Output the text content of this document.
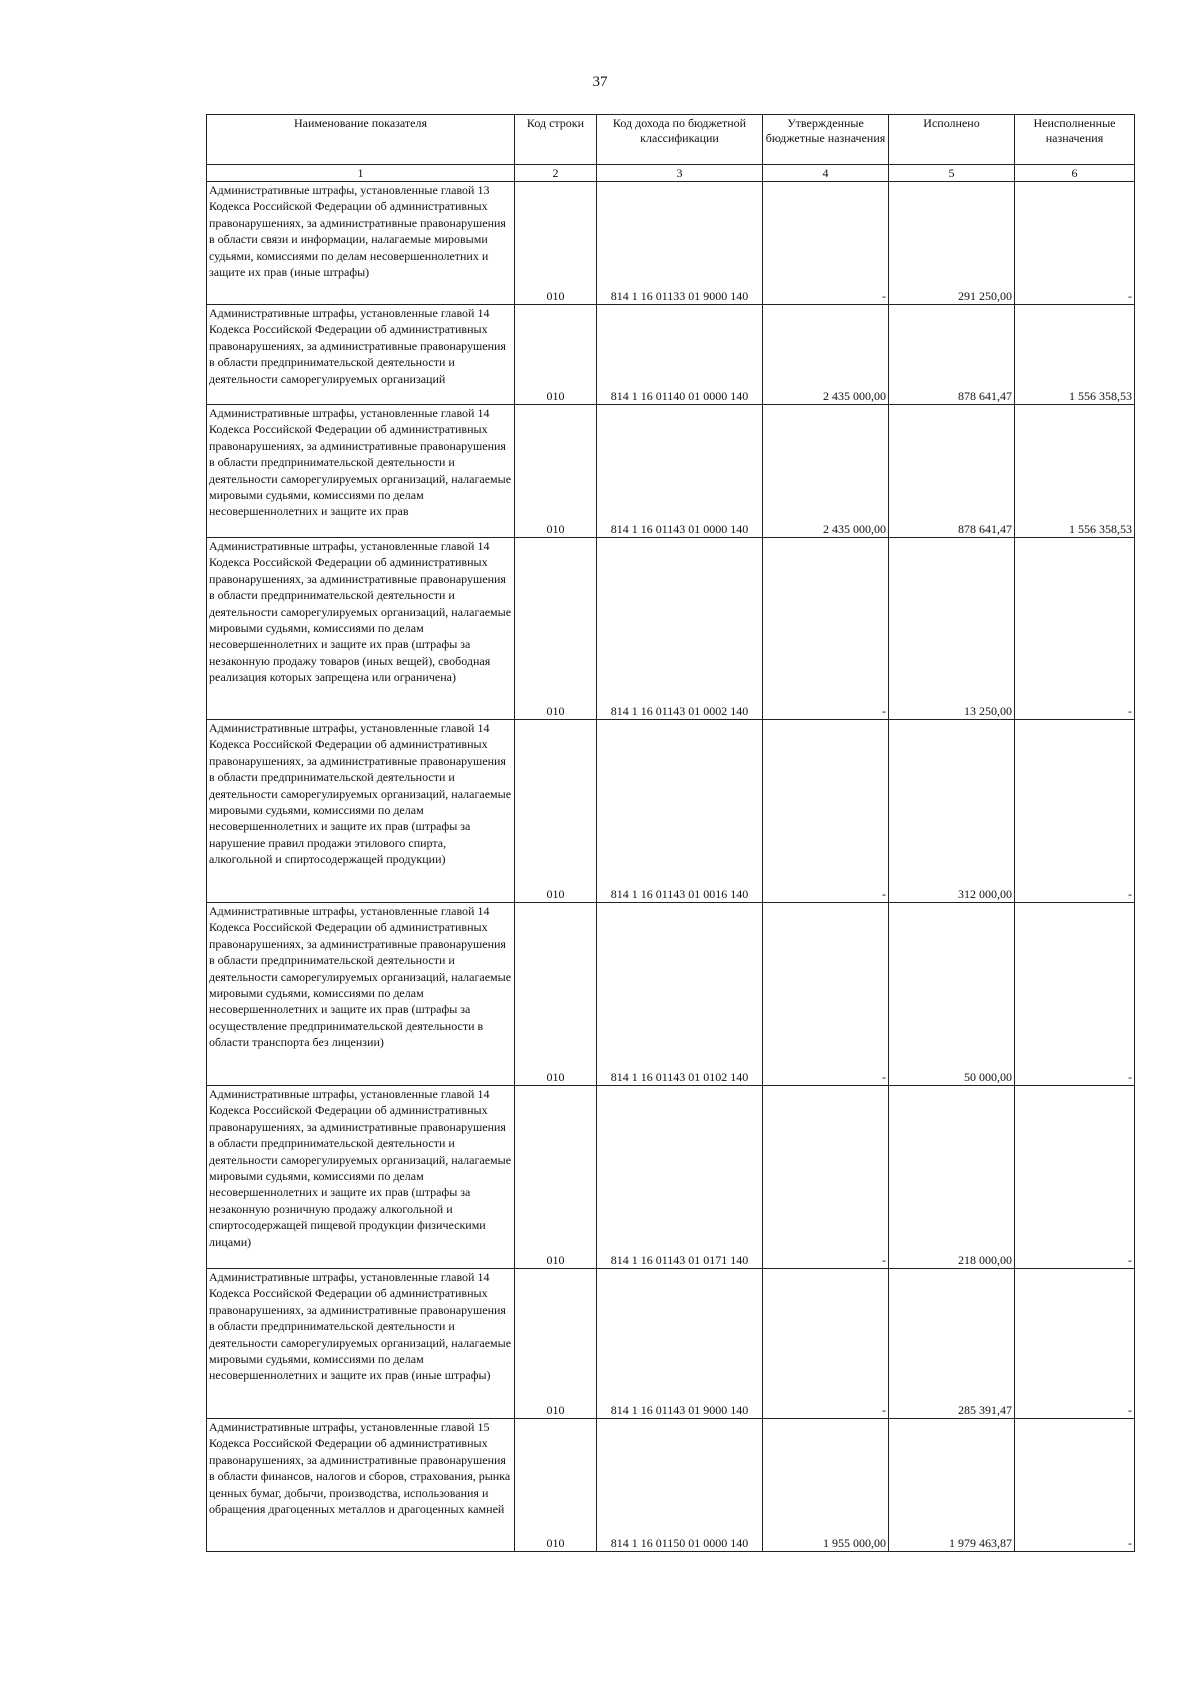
37
Наименование показателя	Код строки	Код дохода по бюджетной классификации	Утвержденные бюджетные назначения	Исполнено	Неисполненные назначения
1	2	3	4	5	6
Административные штрафы, установленные главой 13 Кодекса Российской Федерации об административных правонарушениях, за административные правонарушения в области связи и информации, налагаемые мировыми судьями, комиссиями по делам несовершеннолетних и защите их прав (иные штрафы)	010	814 1 16 01133 01 9000 140	-	291 250,00	-
Административные штрафы, установленные главой 14 Кодекса Российской Федерации об административных правонарушениях, за административные правонарушения в области предпринимательской деятельности и деятельности саморегулируемых организаций	010	814 1 16 01140 01 0000 140	2 435 000,00	878 641,47	1 556 358,53
Административные штрафы, установленные главой 14 Кодекса Российской Федерации об административных правонарушениях, за административные правонарушения в области предпринимательской деятельности и деятельности саморегулируемых организаций, налагаемые мировыми судьями, комиссиями по делам несовершеннолетних и защите их прав	010	814 1 16 01143 01 0000 140	2 435 000,00	878 641,47	1 556 358,53
Административные штрафы, установленные главой 14 Кодекса Российской Федерации об административных правонарушениях, за административные правонарушения в области предпринимательской деятельности и деятельности саморегулируемых организаций, налагаемые мировыми судьями, комиссиями по делам несовершеннолетних и защите их прав (штрафы за незаконную продажу товаров (иных вещей), свободная реализация которых запрещена или ограничена)	010	814 1 16 01143 01 0002 140	-	13 250,00	-
Административные штрафы, установленные главой 14 Кодекса Российской Федерации об административных правонарушениях, за административные правонарушения в области предпринимательской деятельности и деятельности саморегулируемых организаций, налагаемые мировыми судьями, комиссиями по делам несовершеннолетних и защите их прав (штрафы за нарушение правил продажи этилового спирта, алкогольной и спиртосодержащей продукции)	010	814 1 16 01143 01 0016 140	-	312 000,00	-
Административные штрафы, установленные главой 14 Кодекса Российской Федерации об административных правонарушениях, за административные правонарушения в области предпринимательской деятельности и деятельности саморегулируемых организаций, налагаемые мировыми судьями, комиссиями по делам несовершеннолетних и защите их прав (штрафы за осуществление предпринимательской деятельности в области транспорта без лицензии)	010	814 1 16 01143 01 0102 140	-	50 000,00	-
Административные штрафы, установленные главой 14 Кодекса Российской Федерации об административных правонарушениях, за административные правонарушения в области предпринимательской деятельности и деятельности саморегулируемых организаций, налагаемые мировыми судьями, комиссиями по делам несовершеннолетних и защите их прав (штрафы за незаконную розничную продажу алкогольной и спиртосодержащей пищевой продукции физическими лицами)	010	814 1 16 01143 01 0171 140	-	218 000,00	-
Административные штрафы, установленные главой 14 Кодекса Российской Федерации об административных правонарушениях, за административные правонарушения в области предпринимательской деятельности и деятельности саморегулируемых организаций, налагаемые мировыми судьями, комиссиями по делам несовершеннолетних и защите их прав (иные штрафы)	010	814 1 16 01143 01 9000 140	-	285 391,47	-
Административные штрафы, установленные главой 15 Кодекса Российской Федерации об административных правонарушениях, за административные правонарушения в области финансов, налогов и сборов, страхования, рынка ценных бумаг, добычи, производства, использования и обращения драгоценных металлов и драгоценных камней	010	814 1 16 01150 01 0000 140	1 955 000,00	1 979 463,87	-
